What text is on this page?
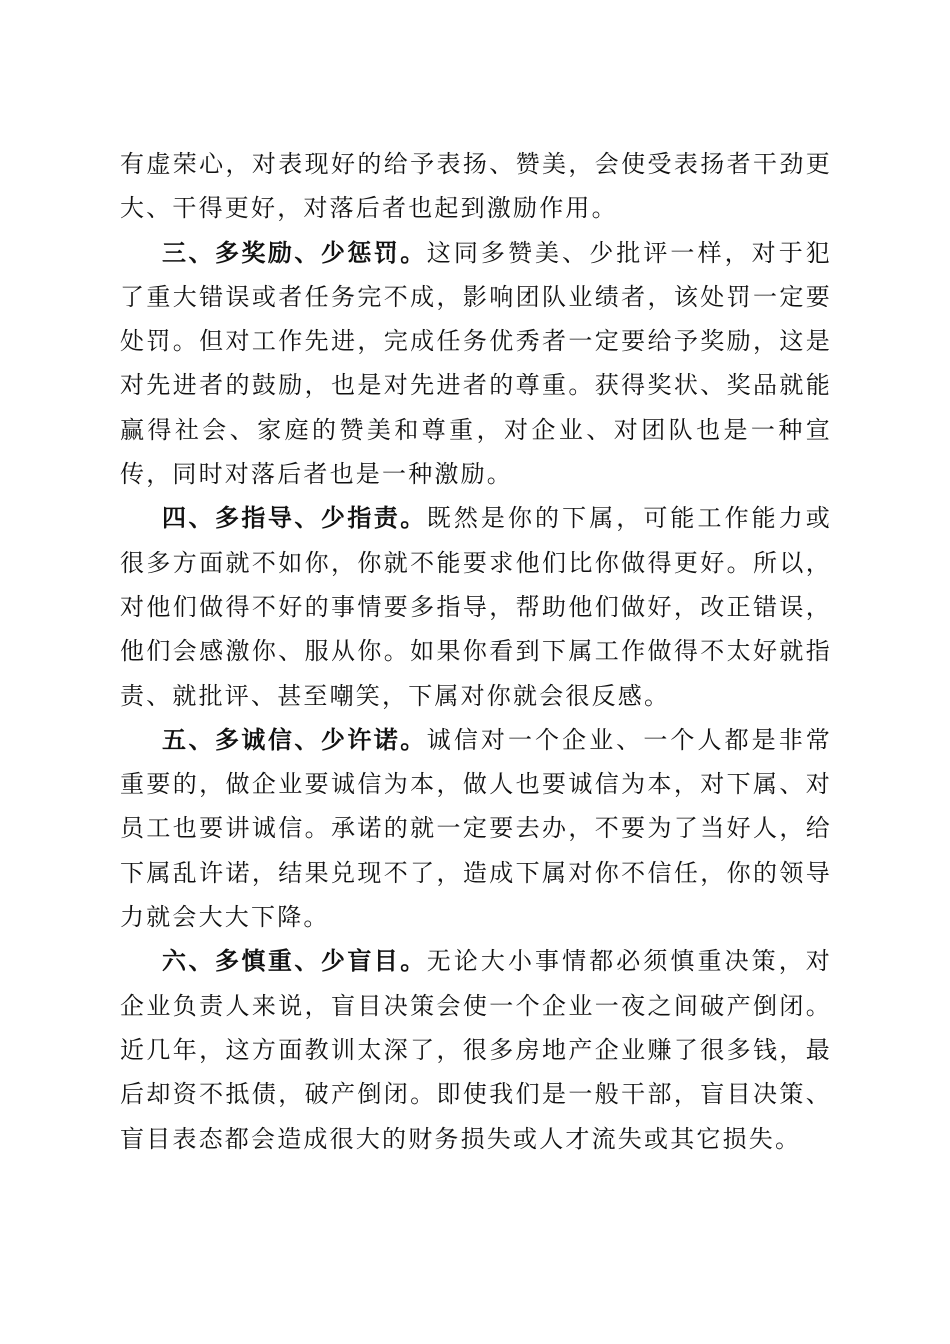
有虚荣心，对表现好的给予表扬、赞美，会使受表扬者干劲更大、干得更好，对落后者也起到激励作用。

三、多奖励、少惩罚。这同多赞美、少批评一样，对于犯了重大错误或者任务完不成，影响团队业绩者，该处罚一定要处罚。但对工作先进，完成任务优秀者一定要给予奖励，这是对先进者的鼓励，也是对先进者的尊重。获得奖状、奖品就能赢得社会、家庭的赞美和尊重，对企业、对团队也是一种宣传，同时对落后者也是一种激励。

四、多指导、少指责。既然是你的下属，可能工作能力或很多方面就不如你，你就不能要求他们比你做得更好。所以，对他们做得不好的事情要多指导，帮助他们做好，改正错误，他们会感激你、服从你。如果你看到下属工作做得不太好就指责、就批评、甚至嘲笑，下属对你就会很反感。

五、多诚信、少许诺。诚信对一个企业、一个人都是非常重要的，做企业要诚信为本，做人也要诚信为本，对下属、对员工也要讲诚信。承诺的就一定要去办，不要为了当好人，给下属乱许诺，结果兑现不了，造成下属对你不信任，你的领导力就会大大下降。

六、多慎重、少盲目。无论大小事情都必须慎重决策，对企业负责人来说，盲目决策会使一个企业一夜之间破产倒闭。近几年，这方面教训太深了，很多房地产企业赚了很多钱，最后却资不抵债，破产倒闭。即使我们是一般干部，盲目决策、盲目表态都会造成很大的财务损失或人才流失或其它损失。
